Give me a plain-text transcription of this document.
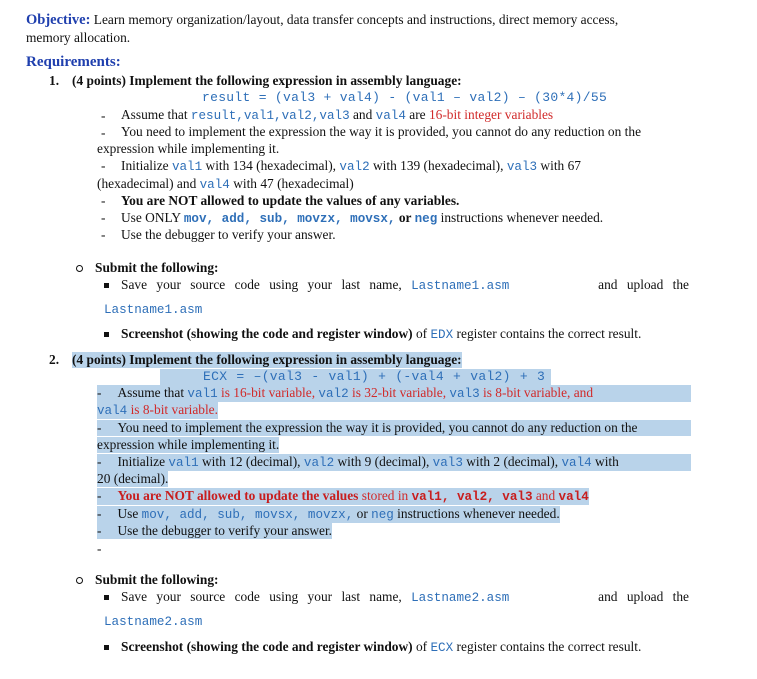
Objective: Learn memory organization/layout, data transfer concepts and instructions, direct memory access,
memory allocation.
Requirements:
1. (4 points) Implement the following expression in assembly language:
result = (val3 + val4) - (val1 – val2) – (30*4)/55
- Assume that result,val1,val2,val3 and val4 are 16-bit integer variables
- You need to implement the expression the way it is provided, you cannot do any reduction on the
expression while implementing it.
- Initialize val1 with 134 (hexadecimal), val2 with 139 (hexadecimal), val3 with 67
(hexadecimal) and val4 with 47 (hexadecimal)
- You are NOT allowed to update the values of any variables.
- Use ONLY mov, add, sub, movzx, movsx, or neg instructions whenever needed.
- Use the debugger to verify your answer.
Submit the following:
Save your source code using your last name, Lastname1.asm	and upload the
Lastname1.asm
Screenshot (showing the code and register window) of EDX register contains the correct result.
2. (4 points) Implement the following expression in assembly language:
ECX = –(val3 - val1) + (-val4 + val2) + 3
- Assume that val1 is 16-bit variable, val2 is 32-bit variable, val3 is 8-bit variable, and
val4 is 8-bit variable.
- You need to implement the expression the way it is provided, you cannot do any reduction on the
expression while implementing it.
- Initialize val1 with 12 (decimal), val2 with 9 (decimal), val3 with 2 (decimal), val4 with
20 (decimal).
- You are NOT allowed to update the values stored in val1, val2, val3 and val4
- Use mov, add, sub, movsx, movzx, or neg instructions whenever needed.
- Use the debugger to verify your answer.
-
Submit the following:
Save your source code using your last name, Lastname2.asm	and upload the
Lastname2.asm
Screenshot (showing the code and register window) of ECX register contains the correct result.
